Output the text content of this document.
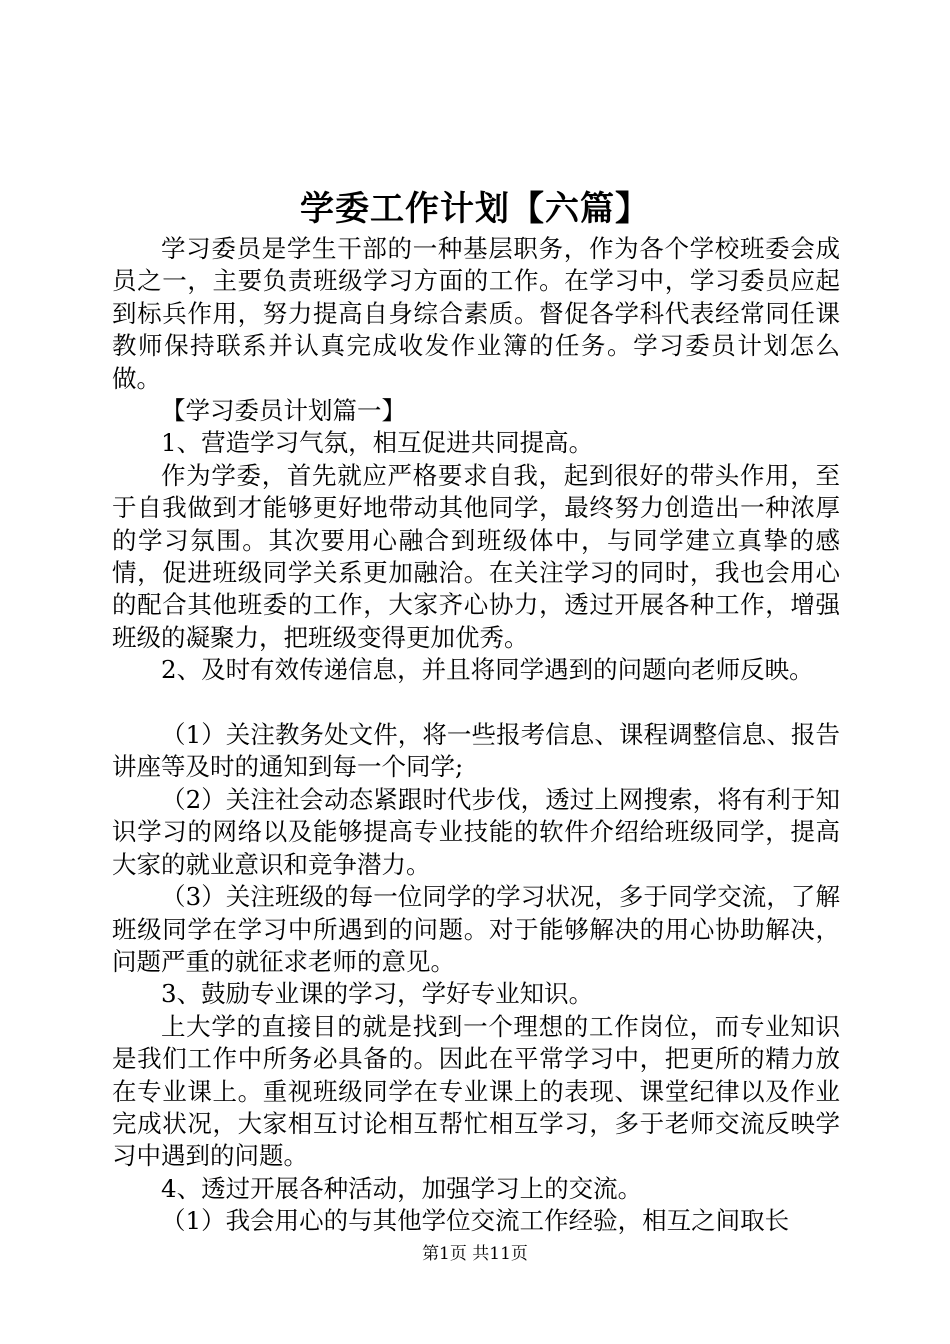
学委工作计划【六篇】

学习委员是学生干部的一种基层职务，作为各个学校班委会成员之一，主要负责班级学习方面的工作。在学习中，学习委员应起到标兵作用，努力提高自身综合素质。督促各学科代表经常同任课教师保持联系并认真完成收发作业簿的任务。学习委员计划怎么做。

【学习委员计划篇一】

1、营造学习气氛，相互促进共同提高。

作为学委，首先就应严格要求自我，起到很好的带头作用，至于自我做到才能够更好地带动其他同学，最终努力创造出一种浓厚的学习氛围。其次要用心融合到班级体中，与同学建立真挚的感情，促进班级同学关系更加融洽。在关注学习的同时，我也会用心的配合其他班委的工作，大家齐心协力，透过开展各种工作，增强班级的凝聚力，把班级变得更加优秀。

2、及时有效传递信息，并且将同学遇到的问题向老师反映。

（1）关注教务处文件，将一些报考信息、课程调整信息、报告讲座等及时的通知到每一个同学;

（2）关注社会动态紧跟时代步伐，透过上网搜索，将有利于知识学习的网络以及能够提高专业技能的软件介绍给班级同学，提高大家的就业意识和竞争潜力。

（3）关注班级的每一位同学的学习状况，多于同学交流，了解班级同学在学习中所遇到的问题。对于能够解决的用心协助解决，问题严重的就征求老师的意见。

3、鼓励专业课的学习，学好专业知识。

上大学的直接目的就是找到一个理想的工作岗位，而专业知识是我们工作中所务必具备的。因此在平常学习中，把更所的精力放在专业课上。重视班级同学在专业课上的表现、课堂纪律以及作业完成状况，大家相互讨论相互帮忙相互学习，多于老师交流反映学习中遇到的问题。

4、透过开展各种活动，加强学习上的交流。

（1）我会用心的与其他学位交流工作经验，相互之间取长

第1页 共11页
